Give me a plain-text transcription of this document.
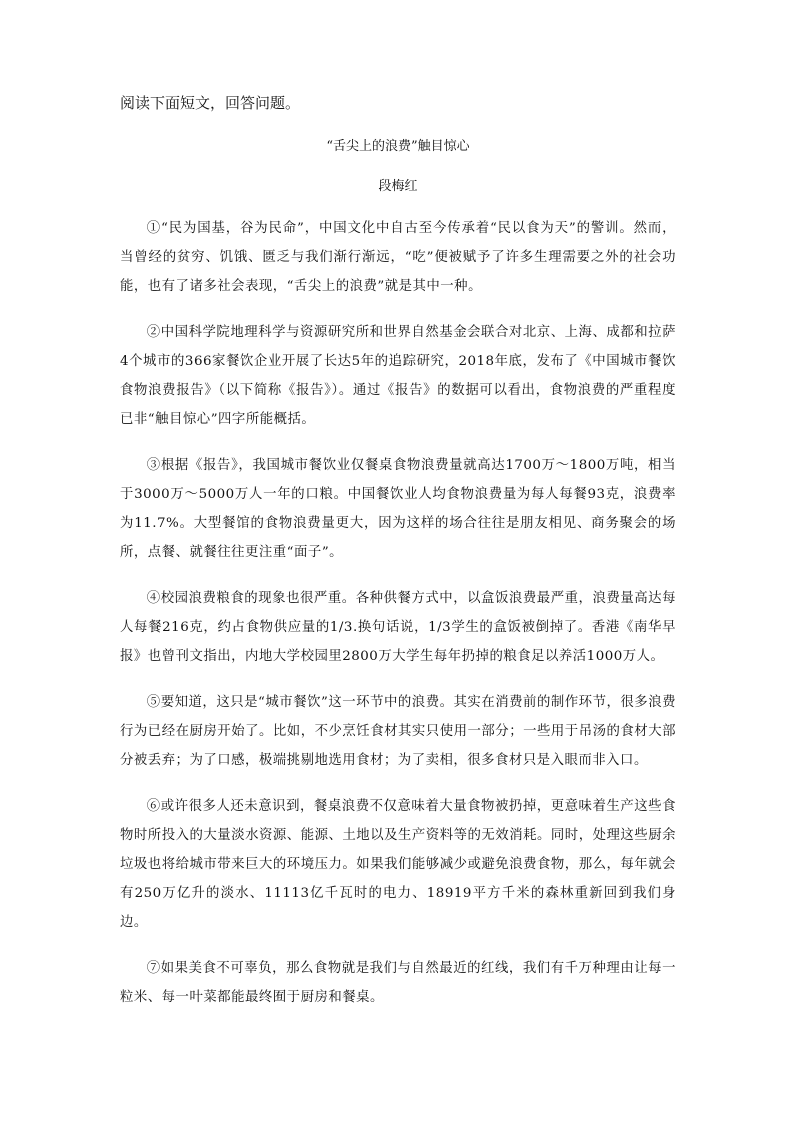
阅读下面短文，回答问题。

“舌尖上的浪费”触目惊心

段梅红

①“民为国基，谷为民命”，中国文化中自古至今传承着“民以食为天”的警训。然而，当曾经的贫穷、饥饿、匮乏与我们渐行渐远，“吃”便被赋予了许多生理需要之外的社会功能，也有了诸多社会表现，“舌尖上的浪费”就是其中一种。

②中国科学院地理科学与资源研究所和世界自然基金会联合对北京、上海、成都和拉萨4个城市的366家餐饮企业开展了长达5年的追踪研究，2018年底，发布了《中国城市餐饮食物浪费报告》（以下简称《报告》）。通过《报告》的数据可以看出，食物浪费的严重程度已非“触目惊心”四字所能概括。

③根据《报告》，我国城市餐饮业仅餐桌食物浪费量就高达1700万～1800万吨，相当于3000万～5000万人一年的口粮。中国餐饮业人均食物浪费量为每人每餐93克，浪费率为11.7%。大型餐馆的食物浪费量更大，因为这样的场合往往是朋友相见、商务聚会的场所，点餐、就餐往往更注重“面子”。

④校园浪费粮食的现象也很严重。各种供餐方式中，以盒饭浪费最严重，浪费量高达每人每餐216克，约占食物供应量的1/3.换句话说，1/3学生的盒饭被倒掉了。香港《南华早报》也曾刊文指出，内地大学校园里2800万大学生每年扔掉的粮食足以养活1000万人。

⑤要知道，这只是“城市餐饮”这一环节中的浪费。其实在消费前的制作环节，很多浪费行为已经在厨房开始了。比如，不少烹饪食材其实只使用一部分；一些用于吊汤的食材大部分被丢弃；为了口感，极端挑剔地选用食材；为了卖相，很多食材只是入眼而非入口。

⑥或许很多人还未意识到，餐桌浪费不仅意味着大量食物被扔掉，更意味着生产这些食物时所投入的大量淡水资源、能源、土地以及生产资料等的无效消耗。同时，处理这些厨余垃圾也将给城市带来巨大的环境压力。如果我们能够减少或避免浪费食物，那么，每年就会有250万亿升的淡水、11113亿千瓦时的电力、18919平方千米的森林重新回到我们身边。

⑦如果美食不可辜负，那么食物就是我们与自然最近的红线，我们有千万种理由让每一粒米、每一叶菜都能最终囿于厨房和餐桌。
